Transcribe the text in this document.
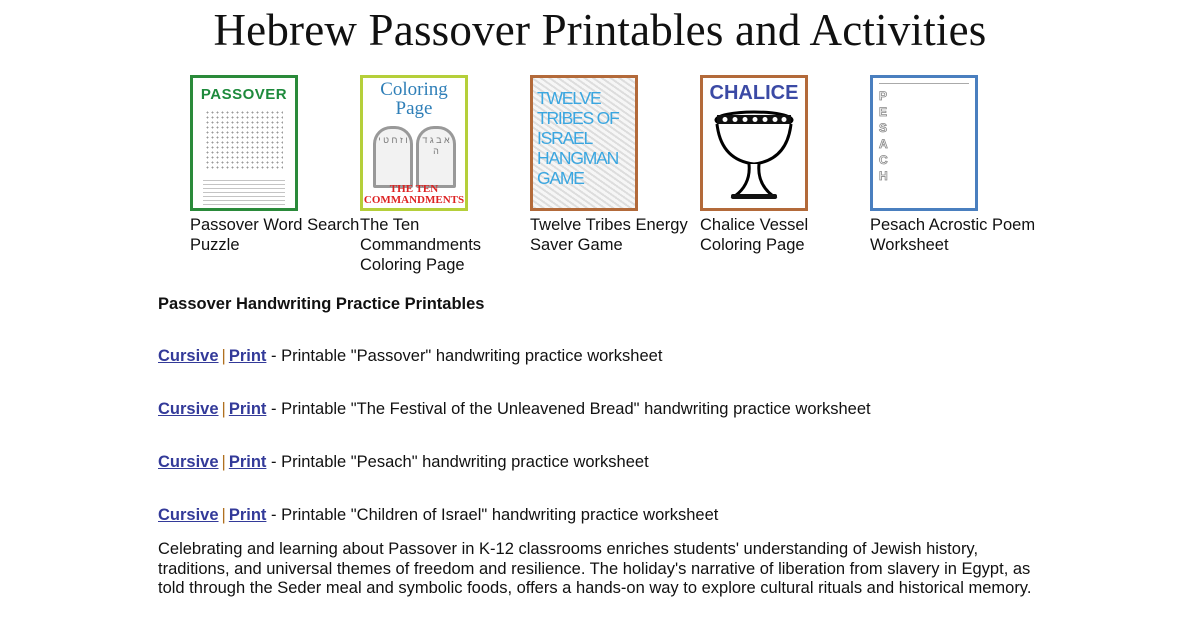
Hebrew Passover Printables and Activities
PASSOVER
Passover Word Search Puzzle
Coloring Page
ו ז ח ט י	א ב ג ד ה
THE TEN COMMANDMENTS
The Ten Commandments Coloring Page
TWELVE TRIBES OF ISRAEL HANGMAN GAME
Twelve Tribes Energy Saver Game
CHALICE
Chalice Vessel Coloring Page
P E S A C H
Pesach Acrostic Poem Worksheet
Passover Handwriting Practice Printables
Cursive | Print - Printable "Passover" handwriting practice worksheet
Cursive | Print - Printable "The Festival of the Unleavened Bread" handwriting practice worksheet
Cursive | Print - Printable "Pesach" handwriting practice worksheet
Cursive | Print - Printable "Children of Israel" handwriting practice worksheet
Celebrating and learning about Passover in K-12 classrooms enriches students' understanding of Jewish history, traditions, and universal themes of freedom and resilience. The holiday's narrative of liberation from slavery in Egypt, as told through the Seder meal and symbolic foods, offers a hands-on way to explore cultural rituals and historical memory.
